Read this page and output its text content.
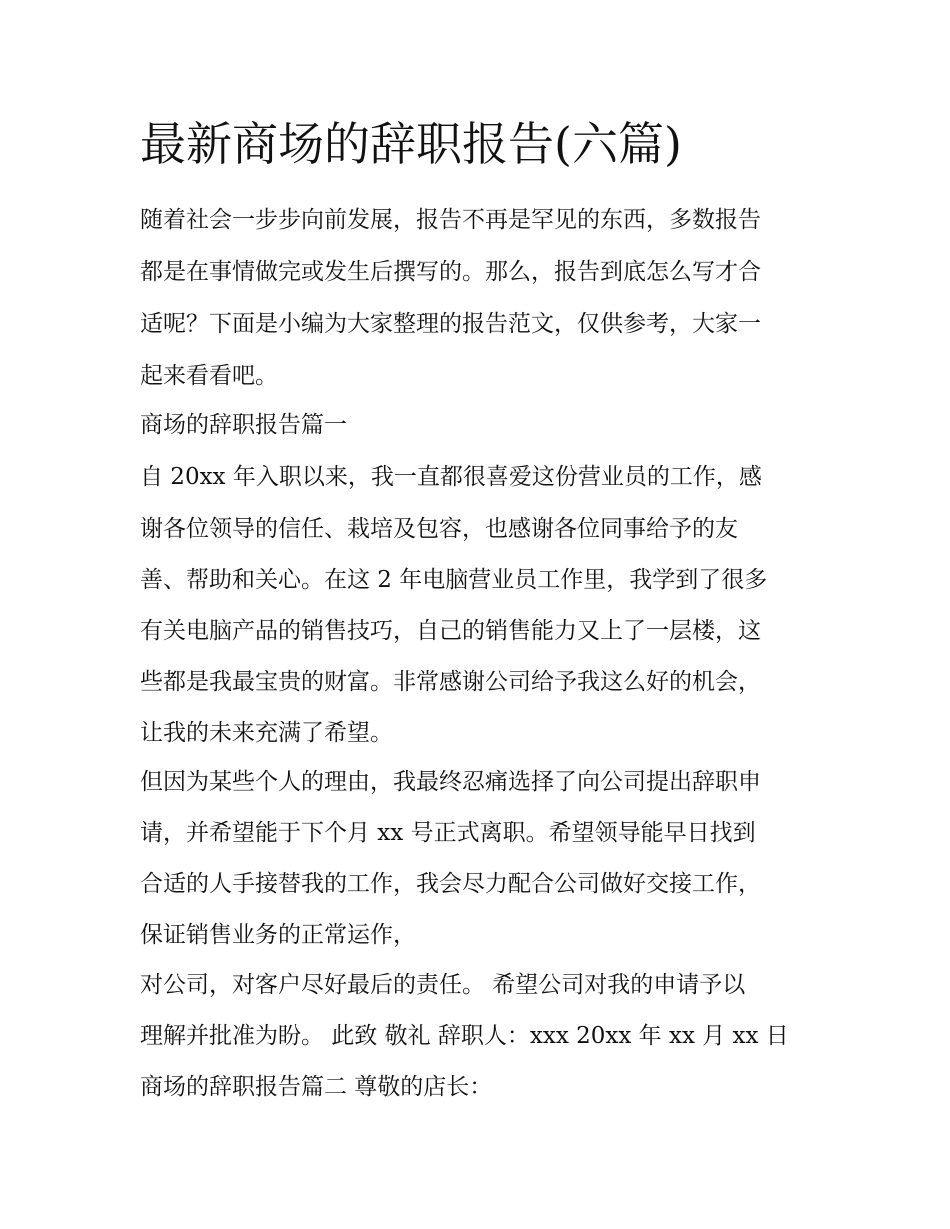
最新商场的辞职报告(六篇)

随着社会一步步向前发展，报告不再是罕见的东西，多数报告

都是在事情做完或发生后撰写的。那么，报告到底怎么写才合

适呢？下面是小编为大家整理的报告范文，仅供参考，大家一

起来看看吧。

商场的辞职报告篇一

自 20xx 年入职以来，我一直都很喜爱这份营业员的工作，感

谢各位领导的信任、栽培及包容，也感谢各位同事给予的友

善、帮助和关心。在这 2 年电脑营业员工作里，我学到了很多

有关电脑产品的销售技巧，自己的销售能力又上了一层楼，这

些都是我最宝贵的财富。非常感谢公司给予我这么好的机会，

让我的未来充满了希望。

但因为某些个人的理由，我最终忍痛选择了向公司提出辞职申

请，并希望能于下个月 xx 号正式离职。希望领导能早日找到

合适的人手接替我的工作，我会尽力配合公司做好交接工作，

保证销售业务的正常运作，

对公司，对客户尽好最后的责任。 希望公司对我的申请予以

理解并批准为盼。 此致 敬礼 辞职人：xxx 20xx 年 xx 月 xx 日

商场的辞职报告篇二 尊敬的店长：
